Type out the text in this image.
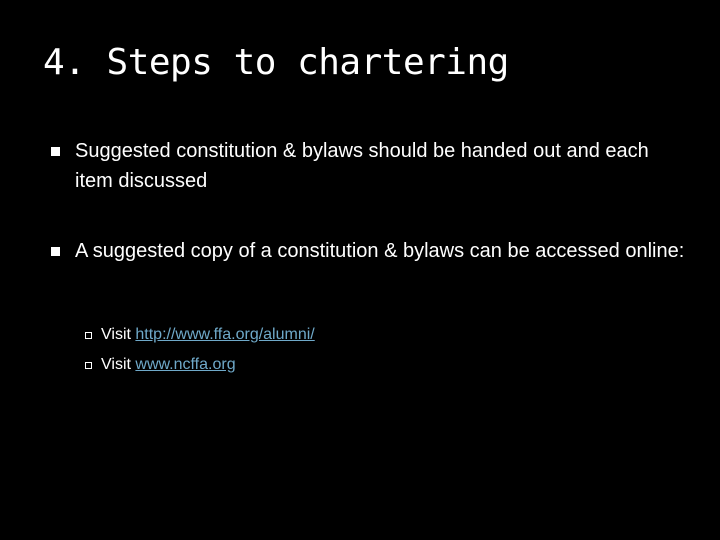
4. Steps to chartering
Suggested constitution & bylaws should be handed out and each item discussed
A suggested copy of a constitution & bylaws can be accessed online:
Visit http://www.ffa.org/alumni/
Visit www.ncffa.org
